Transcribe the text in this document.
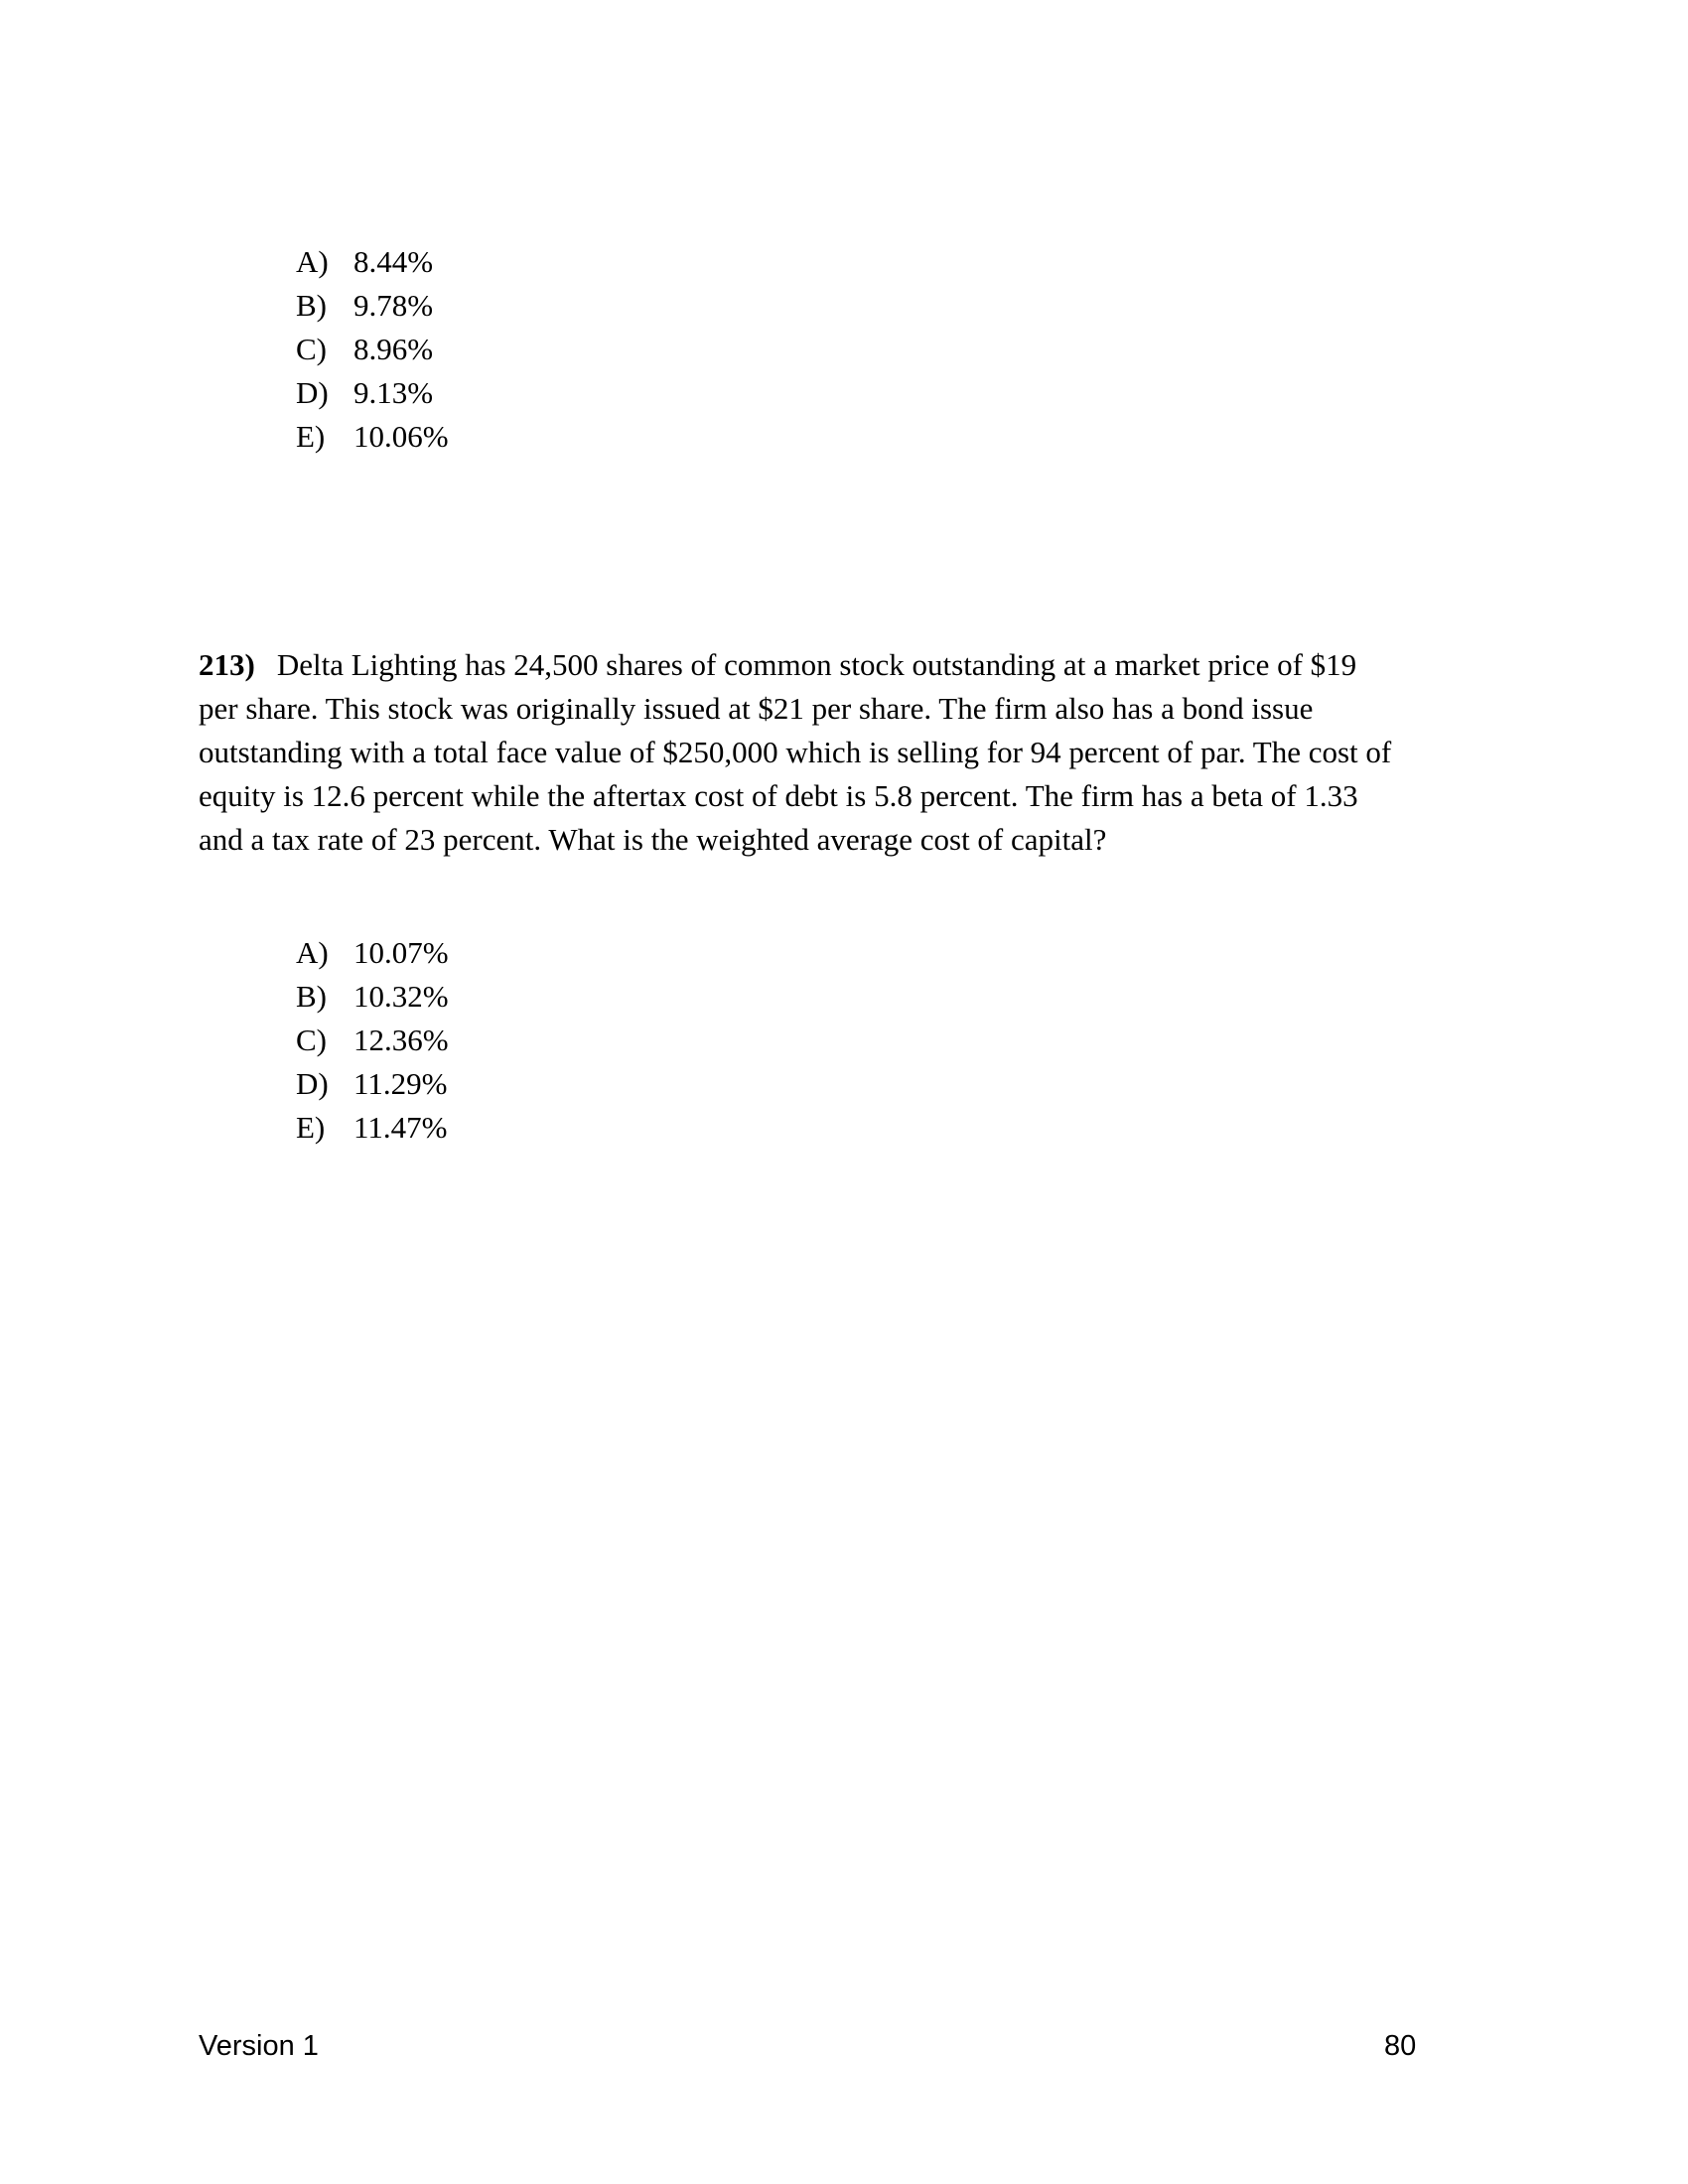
A) 8.44%
B) 9.78%
C) 8.96%
D) 9.13%
E) 10.06%
213) Delta Lighting has 24,500 shares of common stock outstanding at a market price of $19
per share. This stock was originally issued at $21 per share. The firm also has a bond issue
outstanding with a total face value of $250,000 which is selling for 94 percent of par. The cost of
equity is 12.6 percent while the aftertax cost of debt is 5.8 percent. The firm has a beta of 1.33
and a tax rate of 23 percent. What is the weighted average cost of capital?
A) 10.07%
B) 10.32%
C) 12.36%
D) 11.29%
E) 11.47%
Version 1	80
